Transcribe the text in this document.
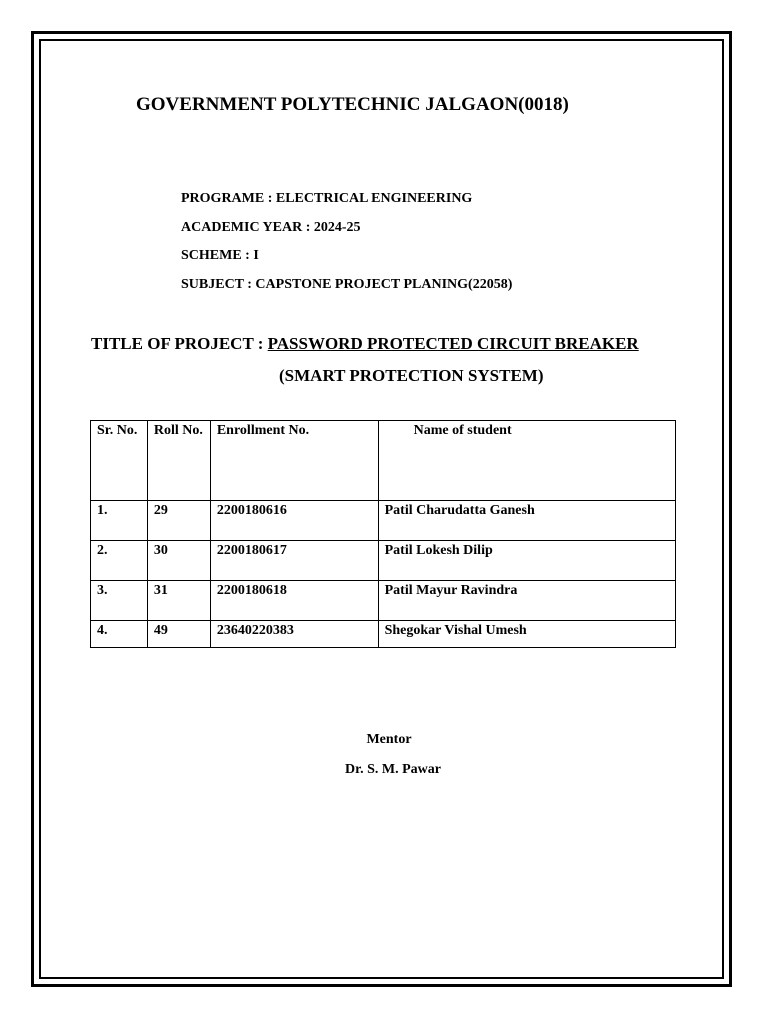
GOVERNMENT POLYTECHNIC JALGAON(0018)
PROGRAME : ELECTRICAL ENGINEERING
ACADEMIC YEAR : 2024-25
SCHEME : I
SUBJECT : CAPSTONE PROJECT PLANING(22058)
TITLE OF PROJECT : PASSWORD PROTECTED CIRCUIT BREAKER
(SMART PROTECTION SYSTEM)
Sr. No.	Roll No.	Enrollment No.	Name of student
1.	29	2200180616	Patil Charudatta Ganesh
2.	30	2200180617	Patil Lokesh Dilip
3.	31	2200180618	Patil Mayur Ravindra
4.	49	23640220383	Shegokar Vishal Umesh
Mentor
Dr. S. M. Pawar
